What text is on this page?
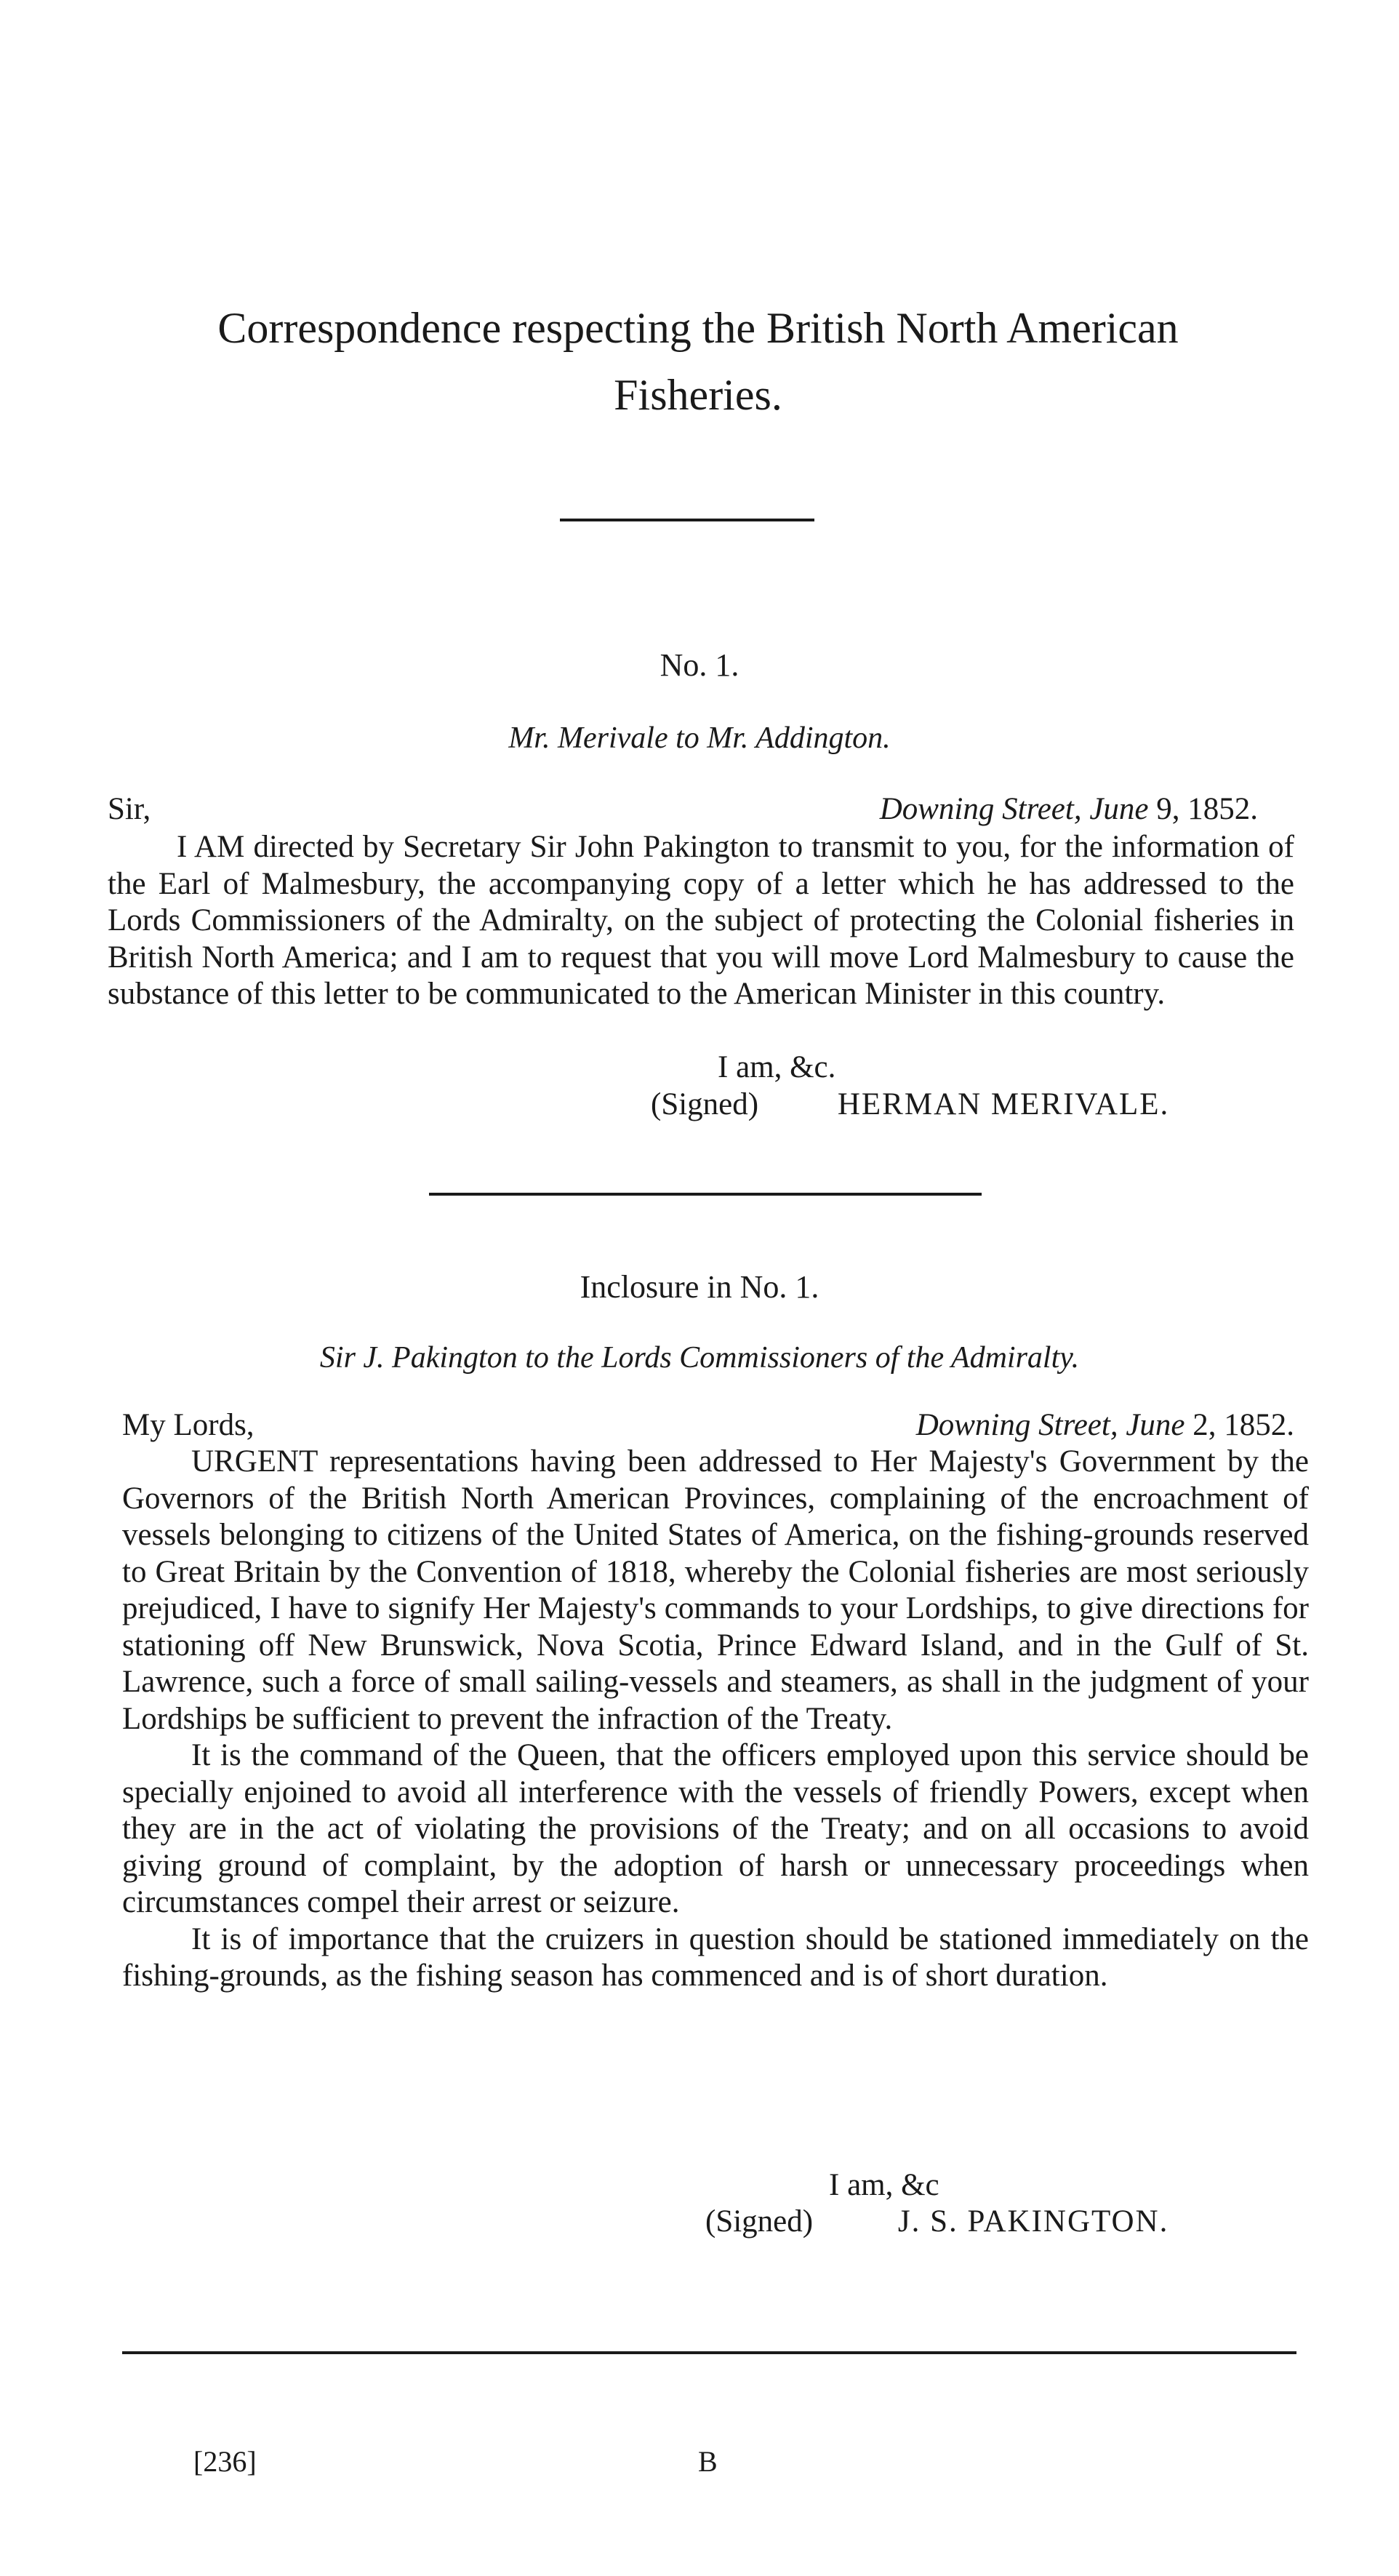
Correspondence respecting the British North American
Fisheries.
No. 1.
Mr. Merivale to Mr. Addington.
Sir,	Downing Street, June 9, 1852.

I AM directed by Secretary Sir John Pakington to transmit to you, for the information of the Earl of Malmesbury, the accompanying copy of a letter which he has addressed to the Lords Commissioners of the Admiralty, on the subject of protecting the Colonial fisheries in British North America; and I am to request that you will move Lord Malmesbury to cause the substance of this letter to be communicated to the American Minister in this country.

I am, &c.
(Signed)	HERMAN MERIVALE.
Inclosure in No. 1.
Sir J. Pakington to the Lords Commissioners of the Admiralty.
My Lords,	Downing Street, June 2, 1852.

URGENT representations having been addressed to Her Majesty's Government by the Governors of the British North American Provinces, complaining of the encroachment of vessels belonging to citizens of the United States of America, on the fishing-grounds reserved to Great Britain by the Convention of 1818, whereby the Colonial fisheries are most seriously prejudiced, I have to signify Her Majesty's commands to your Lordships, to give directions for stationing off New Brunswick, Nova Scotia, Prince Edward Island, and in the Gulf of St. Lawrence, such a force of small sailing-vessels and steamers, as shall in the judgment of your Lordships be sufficient to prevent the infraction of the Treaty.

It is the command of the Queen, that the officers employed upon this service should be specially enjoined to avoid all interference with the vessels of friendly Powers, except when they are in the act of violating the provisions of the Treaty; and on all occasions to avoid giving ground of complaint, by the adoption of harsh or unnecessary proceedings when circumstances compel their arrest or seizure.

It is of importance that the cruizers in question should be stationed immediately on the fishing-grounds, as the fishing season has commenced and is of short duration.

I am, &c
(Signed)	J. S. PAKINGTON.
[236]	B
